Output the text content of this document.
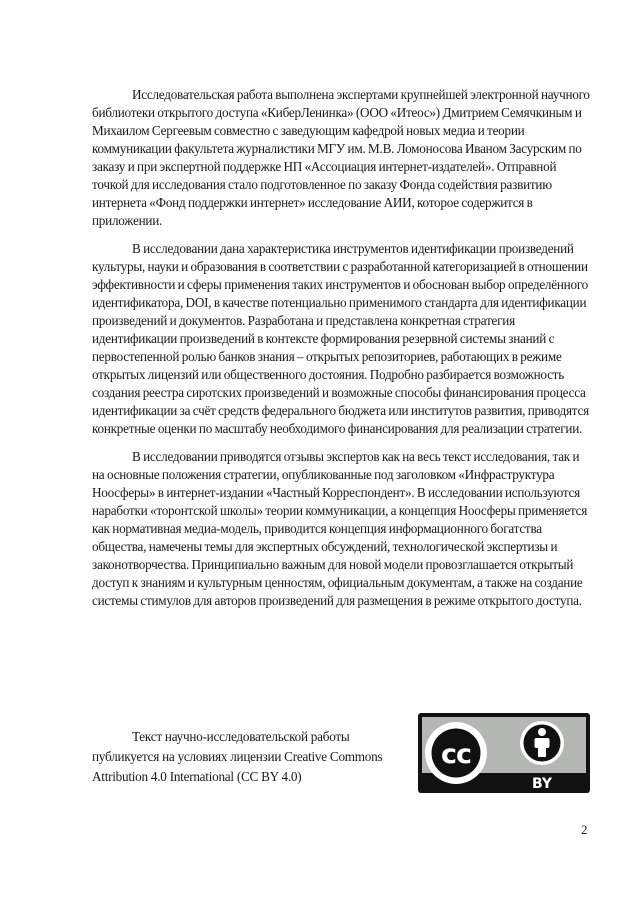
Исследовательская работа выполнена экспертами крупнейшей электронной научного библиотеки открытого доступа «КиберЛенинка» (ООО «Итеос») Дмитрием Семячкиным и Михаилом Сергеевым совместно с заведующим кафедрой новых медиа и теории коммуникации факультета журналистики МГУ им. М.В. Ломоносова Иваном Засурским по заказу и при экспертной поддержке НП «Ассоциация интернет-издателей». Отправной точкой для исследования стало подготовленное по заказу Фонда содействия развитию интернета «Фонд поддержки интернет» исследование АИИ, которое содержится в приложении.

В исследовании дана характеристика инструментов идентификации произведений культуры, науки и образования в соответствии с разработанной категоризацией в отношении эффективности и сферы применения таких инструментов и обоснован выбор определённого идентификатора, DOI, в качестве потенциально применимого стандарта для идентификации произведений и документов. Разработана и представлена конкретная стратегия идентификации произведений в контексте формирования резервной системы знаний с первостепенной ролью банков знания – открытых репозиториев, работающих в режиме открытых лицензий или общественного достояния. Подробно разбирается возможность создания реестра сиротских произведений и возможные способы финансирования процесса идентификации за счёт средств федерального бюджета или институтов развития, приводятся конкретные оценки по масштабу необходимого финансирования для реализации стратегии.

В исследовании приводятся отзывы экспертов как на весь текст исследования, так и на основные положения стратегии, опубликованные под заголовком «Инфраструктура Ноосферы» в интернет-издании «Частный Корреспондент». В исследовании используются наработки «торонтской школы» теории коммуникации, а концепция Ноосферы применяется как нормативная медиа-модель, приводится концепция информационного богатства общества, намечены темы для экспертных обсуждений, технологической экспертизы и законотворчества. Принципиально важным для новой модели провозглашается открытый доступ к знаниям и культурным ценностям, официальным документам, а также на создание системы стимулов для авторов произведений для размещения в режиме открытого доступа.

Текст научно-исследовательской работы
публикуется на условиях лицензии Creative Commons
Attribution 4.0 International (CC BY 4.0)
cc
BY
2
